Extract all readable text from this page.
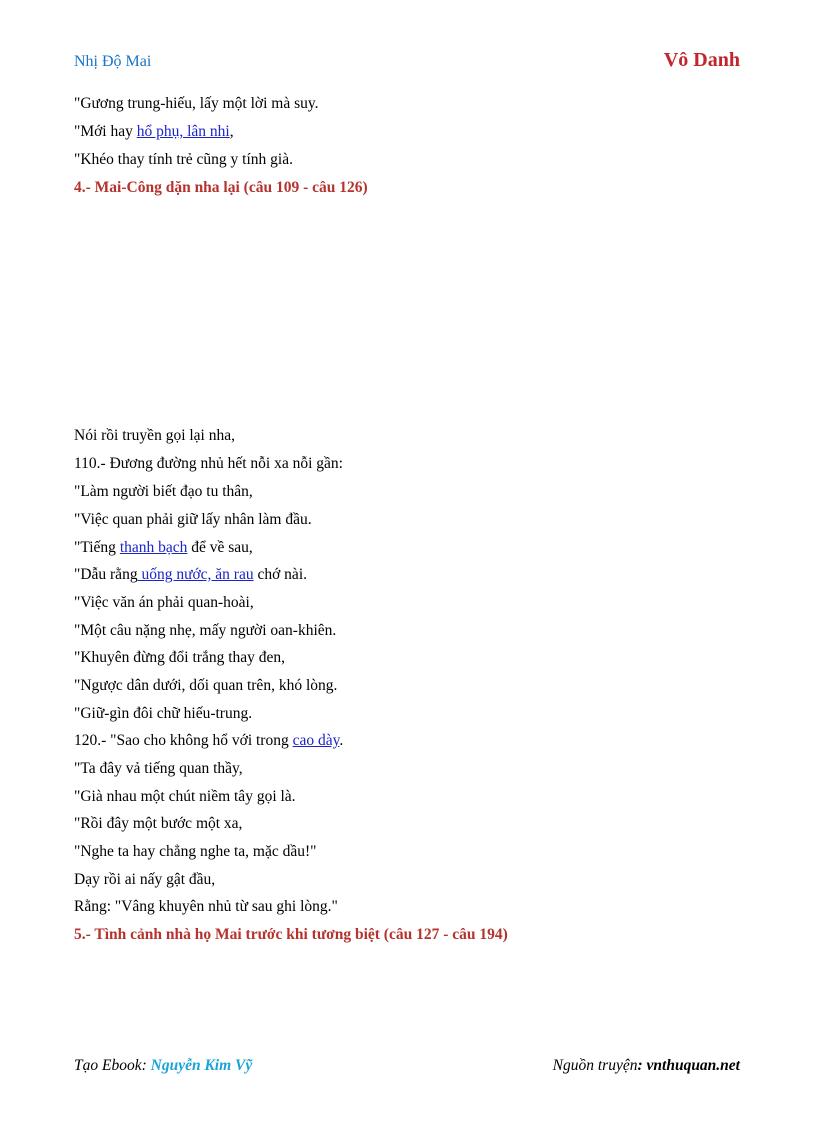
Nhị Độ Mai	Vô Danh
"Gương trung-hiếu, lấy một lời mà suy.
"Mới hay hổ phụ, lân nhi,
"Khéo thay tính trẻ cũng y tính già.
4.- Mai-Công dặn nha lại (câu 109 - câu 126)
Nói rồi truyền gọi lại nha,
110.- Đương đường nhủ hết nỗi xa nỗi gần:
"Làm người biết đạo tu thân,
"Việc quan phải giữ lấy nhân làm đầu.
"Tiếng thanh bạch để về sau,
"Dẫu rằng uống nước, ăn rau chớ nài.
"Việc văn án phải quan-hoài,
"Một câu nặng nhẹ, mấy người oan-khiên.
"Khuyên đừng đổi trắng thay đen,
"Ngược dân dưới, dối quan trên, khó lòng.
"Giữ-gìn đôi chữ hiếu-trung.
120.- "Sao cho không hổ với trong cao dày.
"Ta đây vả tiếng quan thầy,
"Già nhau một chút niềm tây gọi là.
"Rồi đây một bước một xa,
"Nghe ta hay chẳng nghe ta, mặc dầu!"
Dạy rồi ai nấy gật đầu,
Rằng: "Vâng khuyên nhủ từ sau ghi lòng."
5.- Tình cảnh nhà họ Mai trước khi tương biệt (câu 127 - câu 194)
Tạo Ebook: Nguyễn Kim Vỹ	Nguồn truyện: vnthuquan.net
